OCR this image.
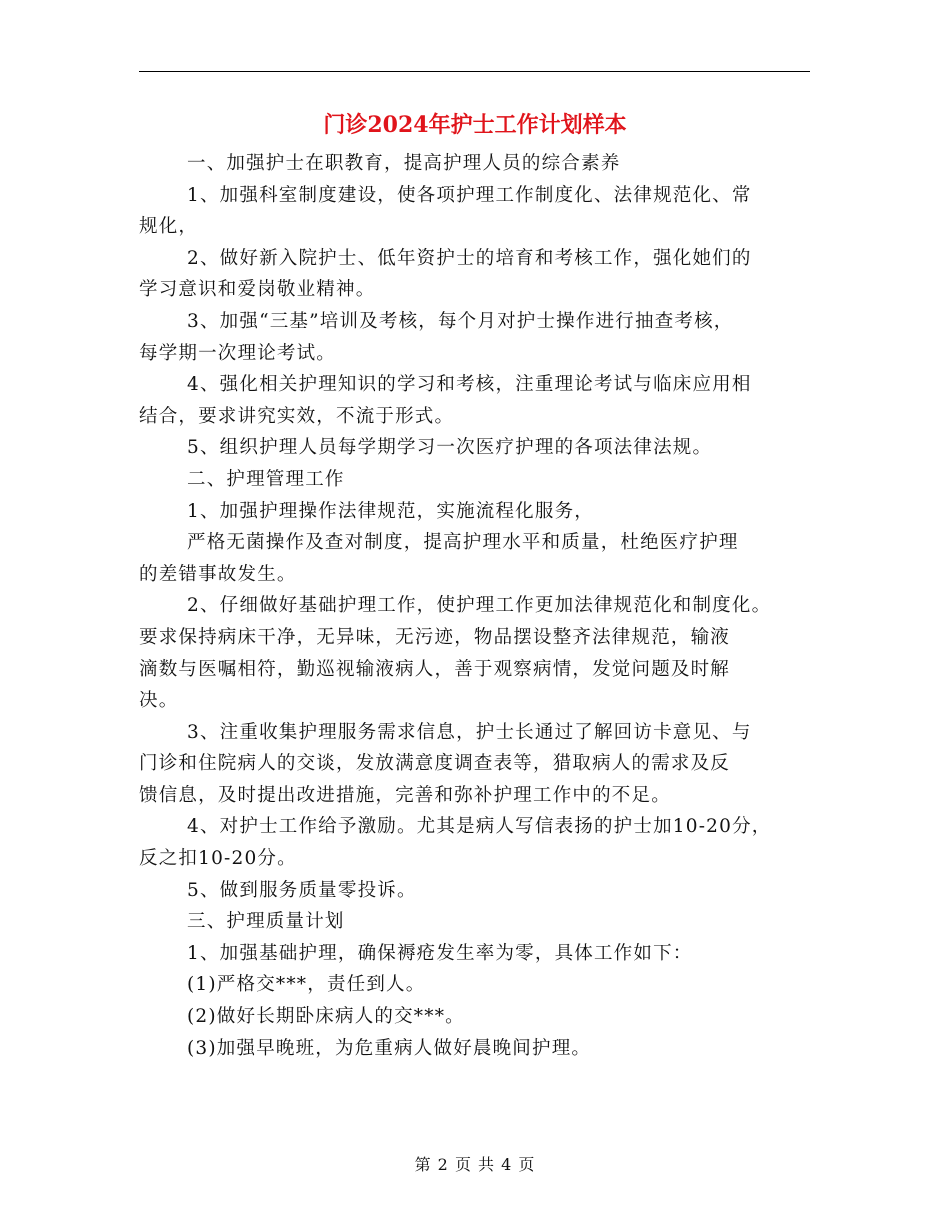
门诊2024年护士工作计划样本
一、加强护士在职教育，提高护理人员的综合素养
1、加强科室制度建设，使各项护理工作制度化、法律规范化、常
规化，
2、做好新入院护士、低年资护士的培育和考核工作，强化她们的
学习意识和爱岗敬业精神。
3、加强“三基”培训及考核，每个月对护士操作进行抽查考核，
每学期一次理论考试。
4、强化相关护理知识的学习和考核，注重理论考试与临床应用相
结合，要求讲究实效，不流于形式。
5、组织护理人员每学期学习一次医疗护理的各项法律法规。
二、护理管理工作
1、加强护理操作法律规范，实施流程化服务，
严格无菌操作及查对制度，提高护理水平和质量，杜绝医疗护理
的差错事故发生。
2、仔细做好基础护理工作，使护理工作更加法律规范化和制度化。
要求保持病床干净，无异味，无污迹，物品摆设整齐法律规范，输液
滴数与医嘱相符，勤巡视输液病人，善于观察病情，发觉问题及时解
决。
3、注重收集护理服务需求信息，护士长通过了解回访卡意见、与
门诊和住院病人的交谈，发放满意度调查表等，猎取病人的需求及反
馈信息，及时提出改进措施，完善和弥补护理工作中的不足。
4、对护士工作给予激励。尤其是病人写信表扬的护士加10-20分，
反之扣10-20分。
5、做到服务质量零投诉。
三、护理质量计划
1、加强基础护理，确保褥疮发生率为零，具体工作如下：
(1)严格交***，责任到人。
(2)做好长期卧床病人的交***。
(3)加强早晚班，为危重病人做好晨晚间护理。
第 2 页 共 4 页
